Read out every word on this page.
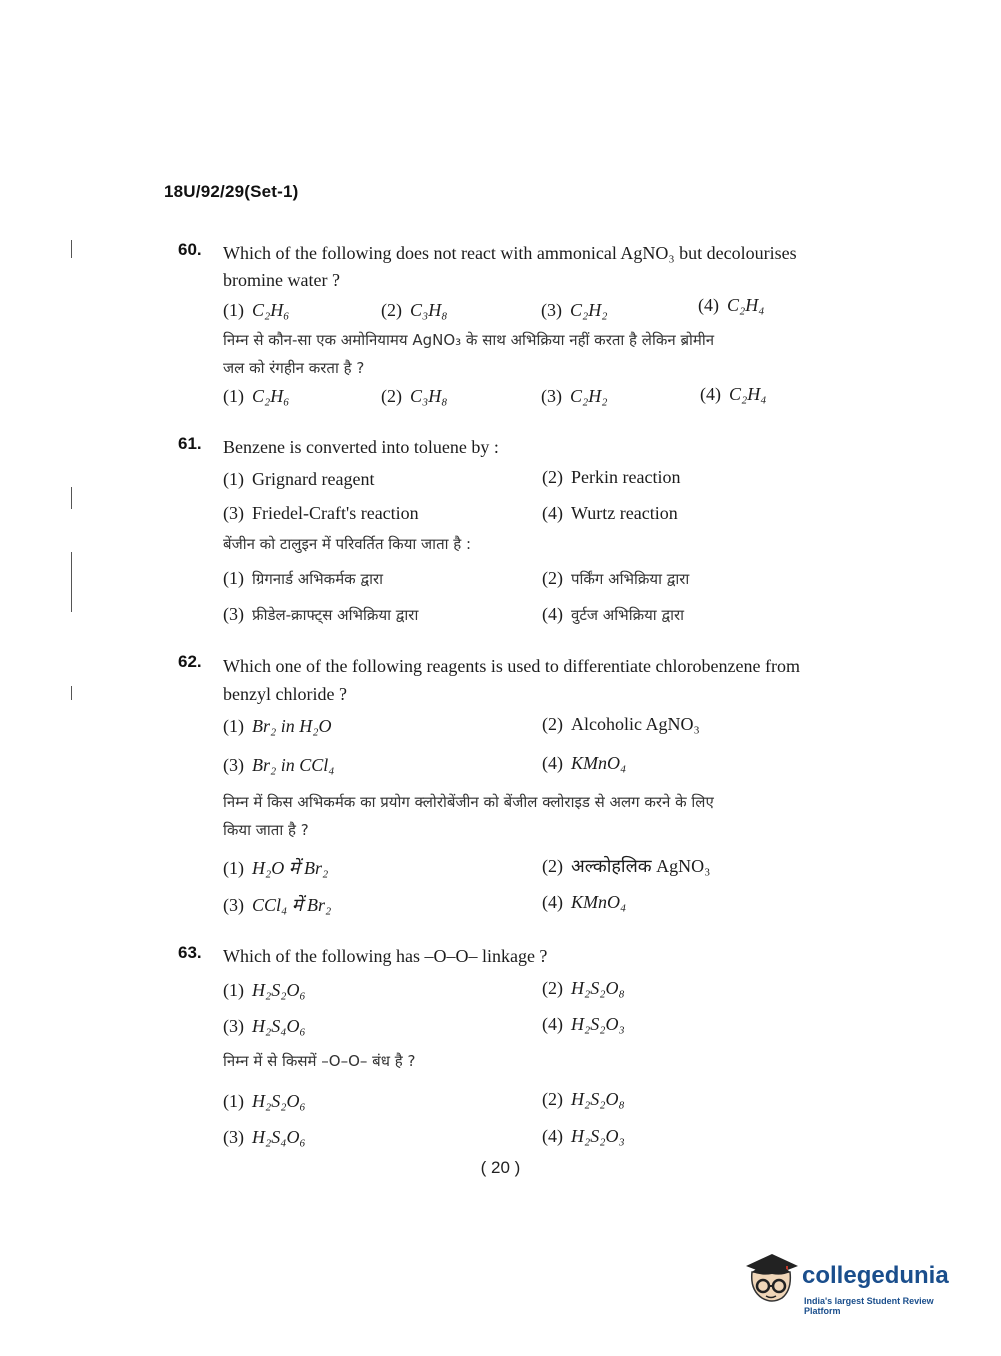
18U/92/29(Set-1)
60. Which of the following does not react with ammonical AgNO₃ but decolourises
bromine water ?
(1) C₂H₆	(2) C₃H₈	(3) C₂H₂	(4) C₂H₄
निम्न से कौन-सा एक अमोनियामय AgNO₃ के साथ अभिक्रिया नहीं करता है लेकिन ब्रोमीन
जल को रंगहीन करता है ?
(1) C₂H₆	(2) C₃H₈	(3) C₂H₂	(4) C₂H₄
61. Benzene is converted into toluene by :
(1) Grignard reagent	(2) Perkin reaction
(3) Friedel-Craft's reaction	(4) Wurtz reaction
बेंजीन को टालुइन में परिवर्तित किया जाता है :
(1) ग्रिगनार्ड अभिकर्मक द्वारा	(2) पर्किंग अभिक्रिया द्वारा
(3) फ्रीडेल-क्राफ्ट्स अभिक्रिया द्वारा	(4) वुर्टज अभिक्रिया द्वारा
62. Which one of the following reagents is used to differentiate chlorobenzene from
benzyl chloride ?
(1) Br₂ in H₂O	(2) Alcoholic AgNO₃
(3) Br₂ in CCl₄	(4) KMnO₄
निम्न में किस अभिकर्मक का प्रयोग क्लोरोबेंजीन को बेंजील क्लोराइड से अलग करने के लिए
किया जाता है ?
(1) H₂O में Br₂	(2) अल्कोहलिक AgNO₃
(3) CCl₄ में Br₂	(4) KMnO₄
63. Which of the following has –O–O– linkage ?
(1) H₂S₂O₆	(2) H₂S₂O₈
(3) H₂S₄O₆	(4) H₂S₂O₃
निम्न में से किसमें –O–O– बंध है ?
(1) H₂S₂O₆	(2) H₂S₂O₈
(3) H₂S₄O₆	(4) H₂S₂O₃
( 20 )
collegedunia
India's largest Student Review Platform
